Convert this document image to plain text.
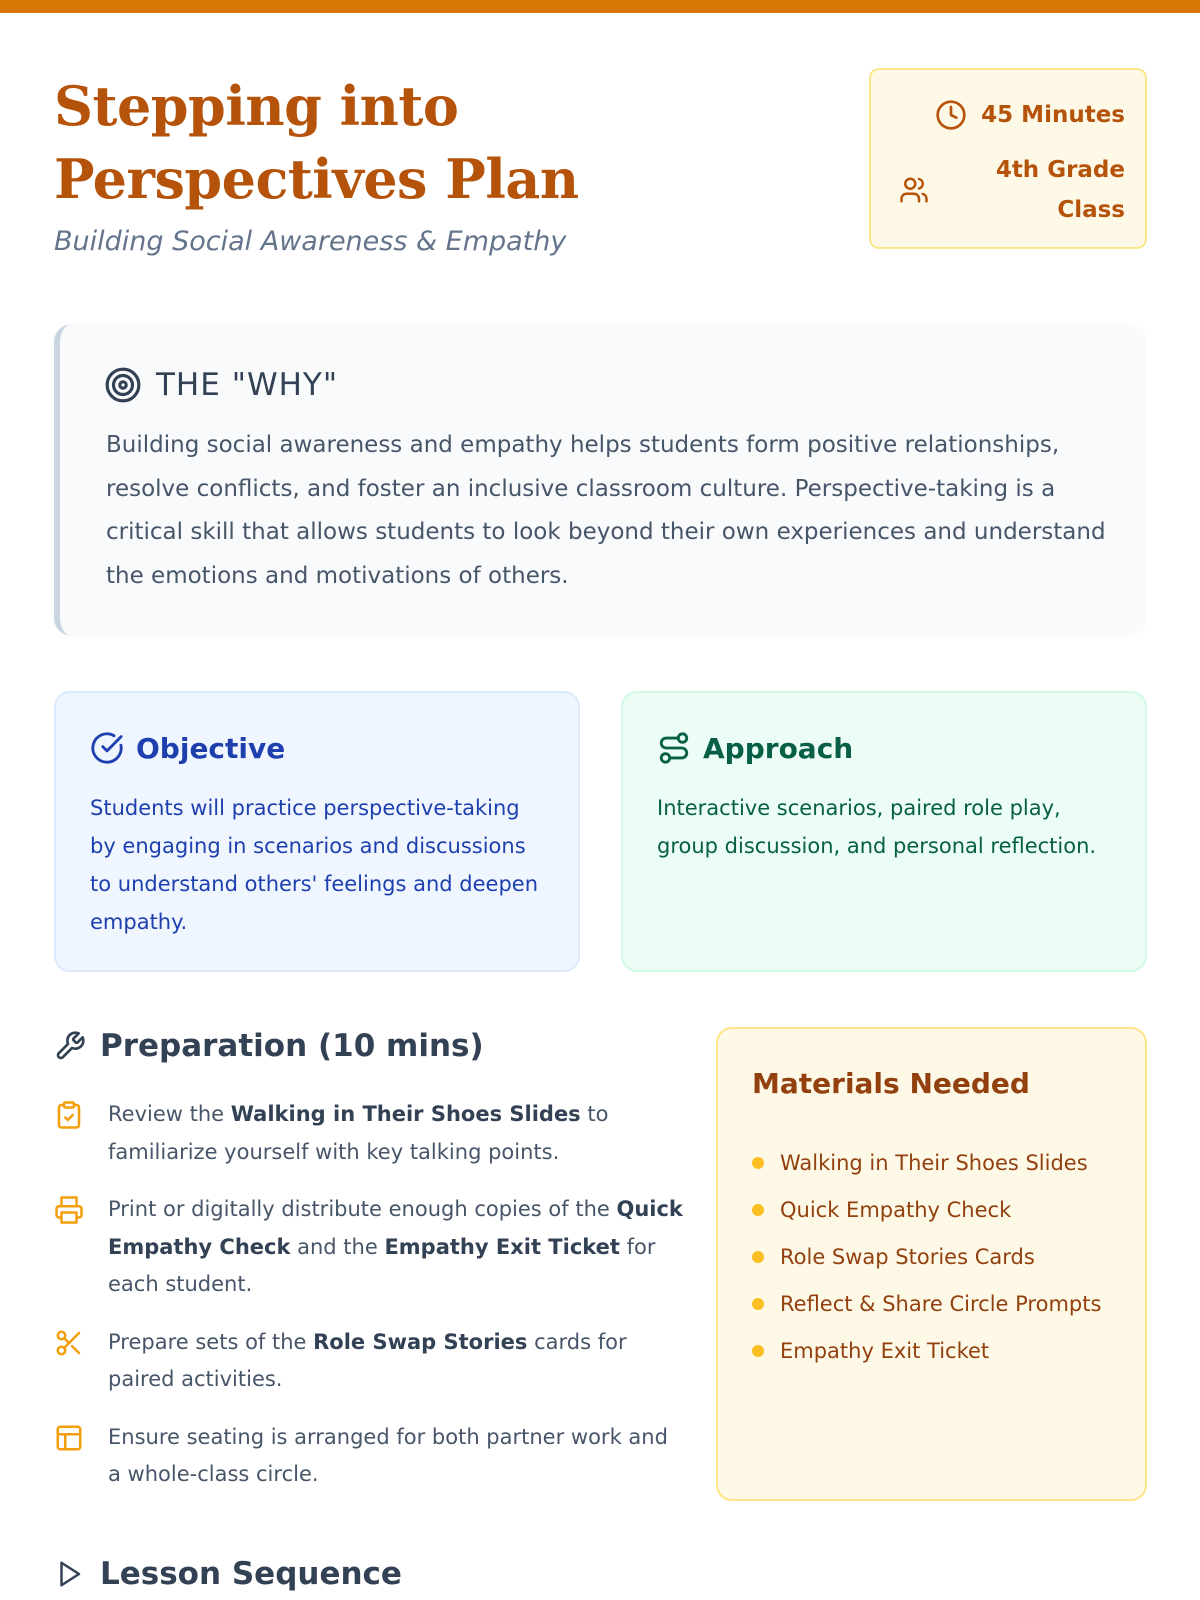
Stepping into Perspectives Plan
Building Social Awareness & Empathy
45 Minutes
4th Grade Class
THE "WHY"

Building social awareness and empathy helps students form positive relationships, resolve conflicts, and foster an inclusive classroom culture. Perspective-taking is a critical skill that allows students to look beyond their own experiences and understand the emotions and motivations of others.

Objective

Students will practice perspective-taking by engaging in scenarios and discussions to understand others' feelings and deepen empathy.

Approach

Interactive scenarios, paired role play, group discussion, and personal reflection.

Preparation (10 mins)
Review the Walking in Their Shoes Slides to familiarize yourself with key talking points.
Print or digitally distribute enough copies of the Quick Empathy Check and the Empathy Exit Ticket for each student.
Prepare sets of the Role Swap Stories cards for paired activities.
Ensure seating is arranged for both partner work and a whole-class circle.
Materials Needed
Walking in Their Shoes Slides
Quick Empathy Check
Role Swap Stories Cards
Reflect & Share Circle Prompts
Empathy Exit Ticket
Lesson Sequence
